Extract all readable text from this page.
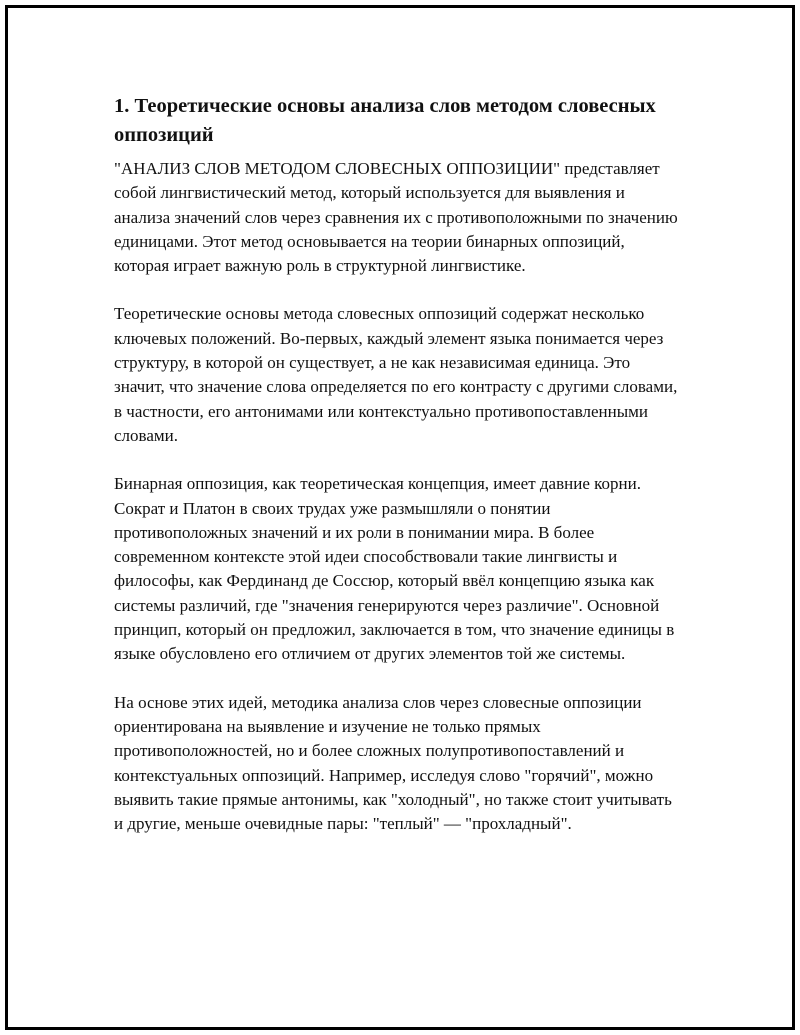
1. Теоретические основы анализа слов методом словесных оппозиций

"АНАЛИЗ СЛОВ МЕТОДОМ СЛОВЕСНЫХ ОППОЗИЦИИ" представляет собой лингвистический метод, который используется для выявления и анализа значений слов через сравнения их с противоположными по значению единицами. Этот метод основывается на теории бинарных оппозиций, которая играет важную роль в структурной лингвистике.

Теоретические основы метода словесных оппозиций содержат несколько ключевых положений. Во-первых, каждый элемент языка понимается через структуру, в которой он существует, а не как независимая единица. Это значит, что значение слова определяется по его контрасту с другими словами, в частности, его антонимами или контекстуально противопоставленными словами.

Бинарная оппозиция, как теоретическая концепция, имеет давние корни. Сократ и Платон в своих трудах уже размышляли о понятии противоположных значений и их роли в понимании мира. В более современном контексте этой идеи способствовали такие лингвисты и философы, как Фердинанд де Соссюр, который ввёл концепцию языка как системы различий, где "значения генерируются через различие". Основной принцип, который он предложил, заключается в том, что значение единицы в языке обусловлено его отличием от других элементов той же системы.

На основе этих идей, методика анализа слов через словесные оппозиции ориентирована на выявление и изучение не только прямых противоположностей, но и более сложных полупротивопоставлений и контекстуальных оппозиций. Например, исследуя слово "горячий", можно выявить такие прямые антонимы, как "холодный", но также стоит учитывать и другие, меньше очевидные пары: "теплый" — "прохладный".
